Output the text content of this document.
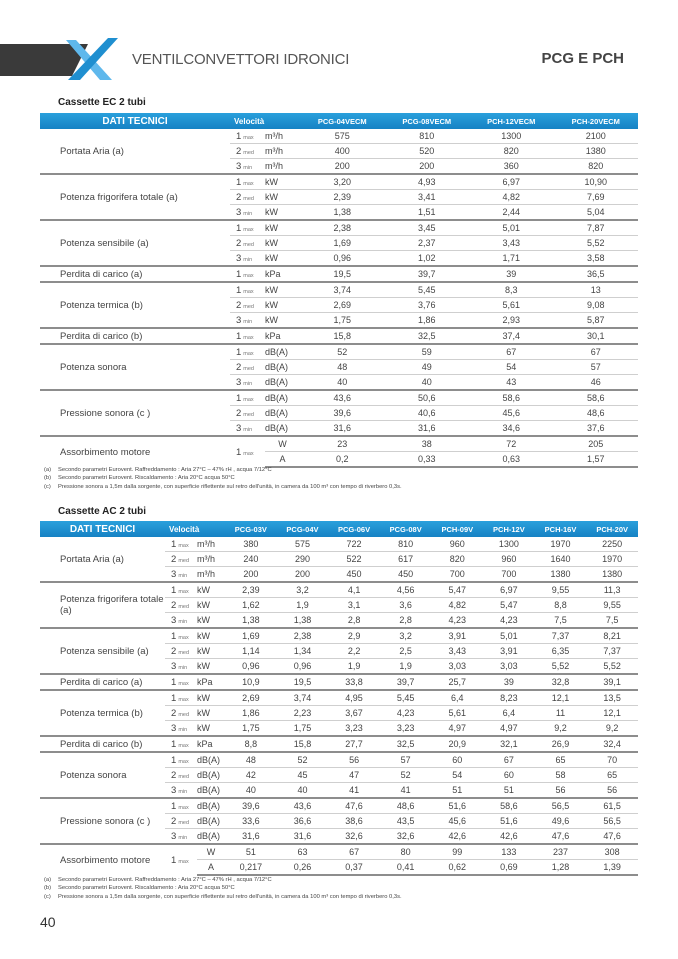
VENTILCONVETTORI IDRONICI	PCG E PCH
Cassette EC 2 tubi
DATI TECNICI	Velocità		PCG-04VECM	PCG-08VECM	PCH-12VECM	PCH-20VECM
Portata Aria (a)	1 max	m³/h	575	810	1300	2100
	2 med	m³/h	400	520	820	1380
	3 min	m³/h	200	200	360	820
Potenza frigorifera totale (a)	1 max	kW	3,20	4,93	6,97	10,90
	2 med	kW	2,39	3,41	4,82	7,69
	3 min	kW	1,38	1,51	2,44	5,04
Potenza sensibile (a)	1 max	kW	2,38	3,45	5,01	7,87
	2 med	kW	1,69	2,37	3,43	5,52
	3 min	kW	0,96	1,02	1,71	3,58
Perdita di carico (a)	1 max	kPa	19,5	39,7	39	36,5
Potenza termica (b)	1 max	kW	3,74	5,45	8,3	13
	2 med	kW	2,69	3,76	5,61	9,08
	3 min	kW	1,75	1,86	2,93	5,87
Perdita di carico (b)	1 max	kPa	15,8	32,5	37,4	30,1
Potenza sonora	1 max	dB(A)	52	59	67	67
	2 med	dB(A)	48	49	54	57
	3 min	dB(A)	40	40	43	46
Pressione sonora (c )	1 max	dB(A)	43,6	50,6	58,6	58,6
	2 med	dB(A)	39,6	40,6	45,6	48,6
	3 min	dB(A)	31,6	31,6	34,6	37,6
Assorbimento motore	1 max	W	23	38	72	205
		A	0,2	0,33	0,63	1,57
(a) Secondo parametri Eurovent. Raffreddamento : Aria 27°C – 47% rH , acqua 7/12°C
(b) Secondo parametri Eurovent. Riscaldamento : Aria 20°C acqua 50°C
(c) Pressione sonora a 1,5m dalla sorgente, con superficie riflettente sul retro dell'unità, in camera da 100 m³ con tempo di riverbero 0,3s.
Cassette AC 2 tubi
DATI TECNICI	Velocità		PCG-03V	PCG-04V	PCG-06V	PCG-08V	PCH-09V	PCH-12V	PCH-16V	PCH-20V
Portata Aria (a)	1 max	m³/h	380	575	722	810	960	1300	1970	2250
	2 med	m³/h	240	290	522	617	820	960	1640	1970
	3 min	m³/h	200	200	450	450	700	700	1380	1380
Potenza frigorifera totale (a)	1 max	kW	2,39	3,2	4,1	4,56	5,47	6,97	9,55	11,3
	2 med	kW	1,62	1,9	3,1	3,6	4,82	5,47	8,8	9,55
	3 min	kW	1,38	1,38	2,8	2,8	4,23	4,23	7,5	7,5
Potenza sensibile (a)	1 max	kW	1,69	2,38	2,9	3,2	3,91	5,01	7,37	8,21
	2 med	kW	1,14	1,34	2,2	2,5	3,43	3,91	6,35	7,37
	3 min	kW	0,96	0,96	1,9	1,9	3,03	3,03	5,52	5,52
Perdita di carico (a)	1 max	kPa	10,9	19,5	33,8	39,7	25,7	39	32,8	39,1
Potenza termica (b)	1 max	kW	2,69	3,74	4,95	5,45	6,4	8,23	12,1	13,5
	2 med	kW	1,86	2,23	3,67	4,23	5,61	6,4	11	12,1
	3 min	kW	1,75	1,75	3,23	3,23	4,97	4,97	9,2	9,2
Perdita di carico (b)	1 max	kPa	8,8	15,8	27,7	32,5	20,9	32,1	26,9	32,4
Potenza sonora	1 max	dB(A)	48	52	56	57	60	67	65	70
	2 med	dB(A)	42	45	47	52	54	60	58	65
	3 min	dB(A)	40	40	41	41	51	51	56	56
Pressione sonora (c )	1 max	dB(A)	39,6	43,6	47,6	48,6	51,6	58,6	56,5	61,5
	2 med	dB(A)	33,6	36,6	38,6	43,5	45,6	51,6	49,6	56,5
	3 min	dB(A)	31,6	31,6	32,6	32,6	42,6	42,6	47,6	47,6
Assorbimento motore	1 max	W	51	63	67	80	99	133	237	308
		A	0,217	0,26	0,37	0,41	0,62	0,69	1,28	1,39
(a) Secondo parametri Eurovent. Raffreddamento : Aria 27°C – 47% rH , acqua 7/12°C
(b) Secondo parametri Eurovent. Riscaldamento : Aria 20°C acqua 50°C
(c) Pressione sonora a 1,5m dalla sorgente, con superficie riflettente sul retro dell'unità, in camera da 100 m³ con tempo di riverbero 0,3s.
40
